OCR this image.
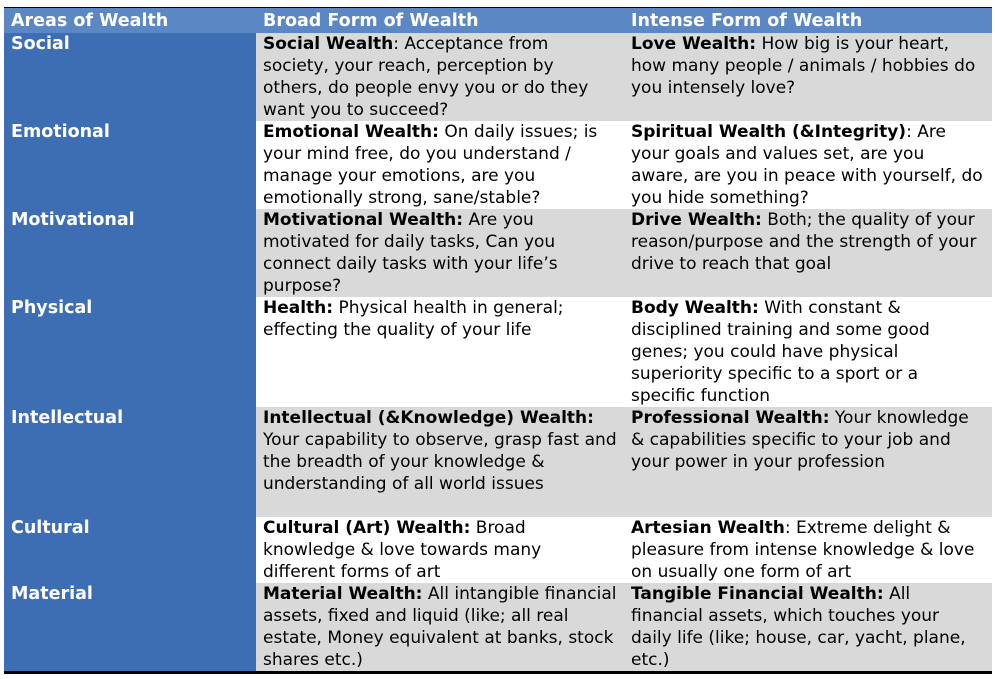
Areas of Wealth	Broad Form of Wealth	Intense Form of Wealth
Social	Social Wealth: Acceptance from society, your reach, perception by others, do people envy you or do they want you to succeed?	Love Wealth: How big is your heart, how many people / animals / hobbies do you intensely love?
Emotional	Emotional Wealth: On daily issues; is your mind free, do you understand / manage your emotions, are you emotionally strong, sane/stable?	Spiritual Wealth (&Integrity): Are your goals and values set, are you aware, are you in peace with yourself, do you hide something?
Motivational	Motivational Wealth: Are you motivated for daily tasks, Can you connect daily tasks with your life’s purpose?	Drive Wealth: Both; the quality of your reason/purpose and the strength of your drive to reach that goal
Physical	Health: Physical health in general; effecting the quality of your life	Body Wealth: With constant & disciplined training and some good genes; you could have physical superiority specific to a sport or a specific function
Intellectual	Intellectual (&Knowledge) Wealth: Your capability to observe, grasp fast and the breadth of your knowledge & understanding of all world issues	Professional Wealth: Your knowledge & capabilities specific to your job and your power in your profession
Cultural	Cultural (Art) Wealth: Broad knowledge & love towards many different forms of art	Artesian Wealth: Extreme delight & pleasure from intense knowledge & love on usually one form of art
Material	Material Wealth: All intangible financial assets, fixed and liquid (like; all real estate, Money equivalent at banks, stock shares etc.)	Tangible Financial Wealth: All financial assets, which touches your daily life (like; house, car, yacht, plane, etc.)
